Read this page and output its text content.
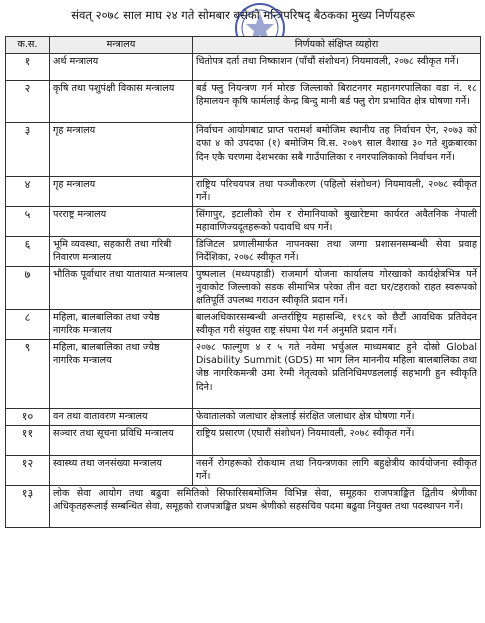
संवत् २०७८ साल माघ २४ गते सोमबार बसेको मन्त्रिपरिषद् बैठकका मुख्य निर्णयहरू
क.स.	मन्त्रालय	निर्णयको संक्षिप्त व्यहोरा
१	अर्थ मन्त्रालय	धितोपत्र दर्ता तथा निष्काशन (पाँचौं संशोधन) नियमावली, २०७८ स्वीकृत गर्ने।
२	कृषि तथा पशुपंक्षी विकास मन्त्रालय	बर्ड फ्लु नियन्त्रण गर्न मोरङ जिल्लाको बिराटनगर महानगरपालिका वडा नं. १८ हिमालयन कृषि फार्मलाई केन्द्र बिन्दु मानी बर्ड फ्लु रोग प्रभावित क्षेत्र घोषणा गर्ने।
३	गृह मन्त्रालय	निर्वाचन आयोगबाट प्राप्त परामर्श बमोजिम स्थानीय तह निर्वाचन ऐन, २०७३ को दफा ४ को उपदफा (१) बमोजिम वि.स. २०७९ साल वैशाख ३० गते शुक्रबारका दिन एकै चरणमा देशभरका सबै गाउँपालिका र नगरपालिकाको निर्वाचन गर्ने।
४	गृह मन्त्रालय	राष्ट्रिय परिचयपत्र तथा पञ्जीकरण (पहिलो संशोधन) नियमावली, २०७८ स्वीकृत गर्ने।
५	परराष्ट्र मन्त्रालय	सिंगापुर, इटालीको रोम र रोमानियाको बुखारेष्टमा कार्यरत अवैतनिक नेपाली महावाणिज्यदूतहरूको पदावधि थप गर्ने।
६	भूमि व्यवस्था, सहकारी तथा गरिबी निवारण मन्त्रालय	डिजिटल प्रणालीमार्फत नापनक्सा तथा जग्गा प्रशासनसम्बन्धी सेवा प्रवाह निर्देशिका, २०७८ स्वीकृत गर्ने।
७	भौतिक पूर्वाधार तथा यातायात मन्त्रालय	पुष्पलाल (मध्यपहाडी) राजमार्ग योजना कार्यालय गोरखाको कार्यक्षेत्रभित्र पर्ने नुवाकोट जिल्लाको सडक सीमाभित्र परेका तीन वटा घर/टहराको राहत स्वरूपको क्षतिपूर्ति उपलब्ध गराउन स्वीकृति प्रदान गर्ने।
८	महिला, बालबालिका तथा ज्येष्ठ नागरिक मन्त्रालय	बालअधिकारसम्बन्धी अन्तर्राष्ट्रिय महासन्धि, १९८९ को छैटौं आवधिक प्रतिवेदन स्वीकृत गरी संयुक्त राष्ट्र संघमा पेश गर्न अनुमति प्रदान गर्ने।
९	महिला, बालबालिका तथा ज्येष्ठ नागरिक मन्त्रालय	२०७८ फाल्गुण ४ र ५ गते नवेमा भर्चुअल माध्यमबाट हुने दोस्रो Global Disability Summit (GDS) मा भाग लिन माननीय महिला बालबालिका तथा जेष्ठ नागरिकमन्त्री उमा रेग्मी नेतृत्वको प्रतिनिधिमण्डललाई सहभागी हुन स्वीकृति दिने।
१०	वन तथा वातावरण मन्त्रालय	फेवातालको जलाधार क्षेत्रलाई संरक्षित जलाधार क्षेत्र घोषणा गर्ने।
११	सञ्चार तथा सूचना प्रविधि मन्त्रालय	राष्ट्रिय प्रसारण (एघारौं संशोधन) नियमावली, २०७८ स्वीकृत गर्ने।
१२	स्वास्थ्य तथा जनसंख्या मन्त्रालय	नसर्ने रोगहरूको रोकथाम तथा नियन्त्रणका लागि बहुक्षेत्रीय कार्ययोजना स्वीकृत गर्ने।
१३	लोक सेवा आयोग तथा बढुवा समितिको सिफारिसबमोजिम विभिन्न सेवा, समूहका राजपत्राङ्कित द्वितीय श्रेणीका अधिकृतहरूलाई सम्बन्धित सेवा, समूहको राजपत्राङ्कित प्रथम श्रेणीको सहसचिव पदमा बढुवा नियुक्त तथा पदस्थापन गर्ने।	
